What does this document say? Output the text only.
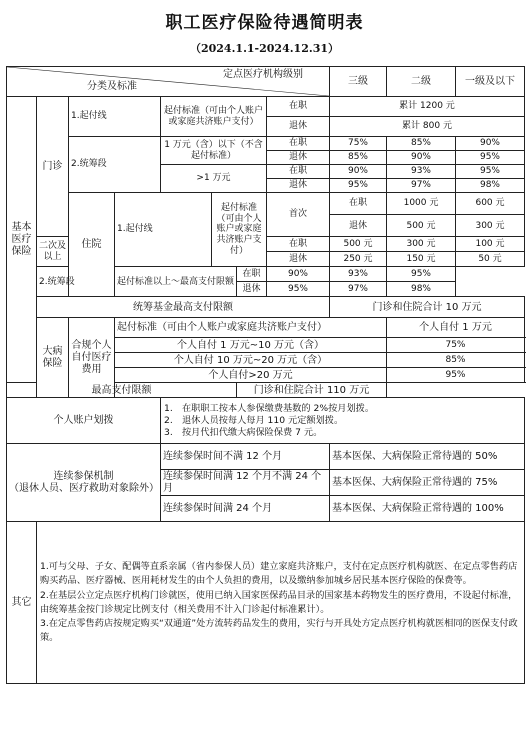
职工医疗保险待遇简明表
（2024.1.1-2024.12.31）
定点医疗机构级别
分类及标准								三级	二级	一级及以下	
基本医疗保险	门诊	1.起付线		起付标准（可由个人账户或家庭共济账户支付）			在职	累计 1200 元			
							退休	累计 800 元			
		2.统筹段		1 万元（含）以下（不含起付标准）			在职	75%	85%	90%	
							退休	85%	90%	95%	
				>1 万元			在职	90%	93%	95%	
							退休	95%	97%	98%	
		住院	1.起付线		起付标准（可由个人账户或家庭共济账户支付）		首次	在职	1000 元	600 元	
								退休	500 元	300 元	
	二次及以上						在职	500 元	300 元	100 元	
							退休	250 元	150 元	50 元	
	2.统筹段		起付标准以上～最高支付限额			在职	90%	93%	95%		
						退休	95%	97%	98%		
	统筹基金最高支付限额							门诊和住院合计 10 万元			
	大病保险	合规个人自付医疗费用	起付标准（可由个人账户或家庭共济账户支付）						个人自付 1 万元		
			个人自付 1 万元~10 万元（含）						75%		
			个人自付 10 万元~20 万元（含）						85%		
			个人自付>20 万元						95%		
最高支付限额						门诊和住院合计 110 万元					
个人账户划拨				1.　在职职工按本人参保缴费基数的 2%按月划拨。
2.　退休人员按每人每月 110 元定额划拨。
3.　按月代扣代缴大病保险保费 7 元。							

连续参保机制
（退休人员、医疗救助对象除外）				连续参保时间不满 12 个月				基本医保、大病保险正常待遇的 50%			
				连续参保时间满 12 个月不满 24 个月				基本医保、大病保险正常待遇的 75%			
				连续参保时间满 24 个月				基本医保、大病保险正常待遇的 100%			
其它	1.可与父母、子女、配偶等直系亲属（省内参保人员）建立家庭共济账户，支付在定点医疗机构就医、在定点零售药店购买药品、医疗器械、医用耗材发生的由个人负担的费用，以及缴纳参加城乡居民基本医疗保险的保费等。
2.在基层公立定点医疗机构门诊就医，使用已纳入国家医保药品目录的国家基本药物发生的医疗费用，不设起付标准，由统筹基金按门诊规定比例支付（相关费用不计入门诊起付标准累计）。
3.在定点零售药店按规定购买“双通道”处方流转药品发生的费用，实行与开具处方定点医疗机构就医相同的医保支付政策。										
